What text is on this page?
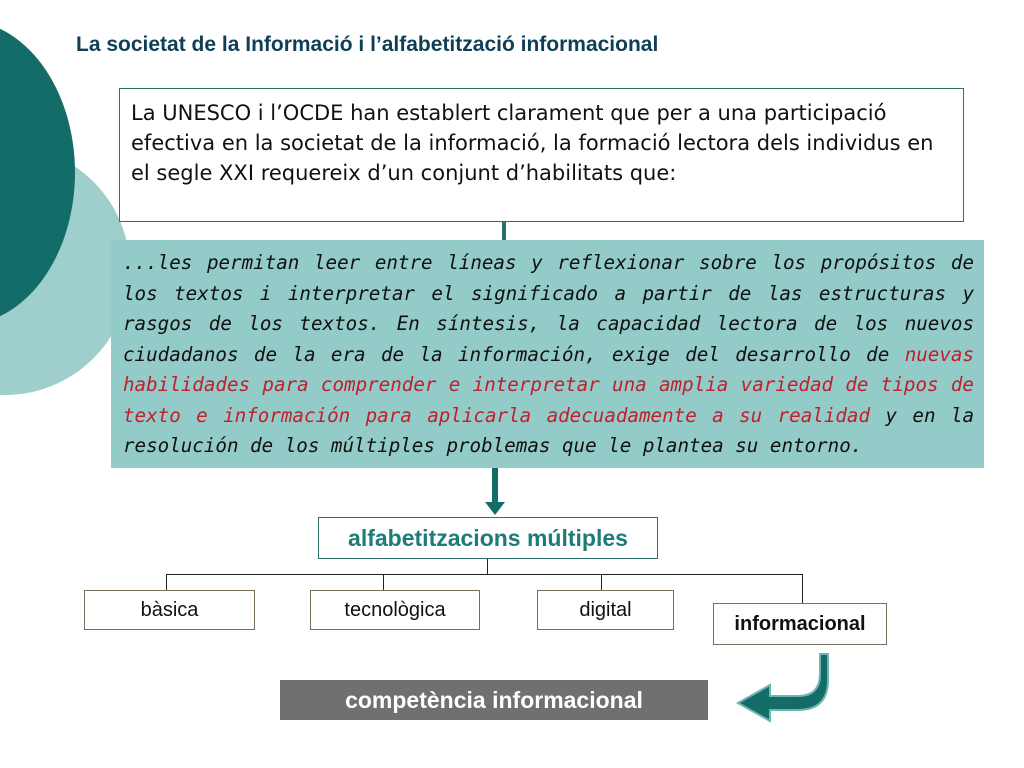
La societat de la Informació i l’alfabetització informacional
La UNESCO i l’OCDE han establert clarament que per a una participació efectiva en la societat de la informació, la formació lectora dels individus en el segle XXI requereix d’un conjunt d’habilitats que:
...les permitan leer entre líneas y reflexionar sobre los propósitos de los textos i interpretar el significado a partir de las estructuras y rasgos de los textos. En síntesis, la capacidad lectora de los nuevos ciudadanos de la era de la información, exige del desarrollo de nuevas habilidades para comprender e interpretar una amplia variedad de tipos de texto e información para aplicarla adecuadamente a su realidad y en la resolución de los múltiples problemas que le plantea su entorno.
alfabetitzacions múltiples
bàsica	tecnològica	digital
informacional
competència informacional
